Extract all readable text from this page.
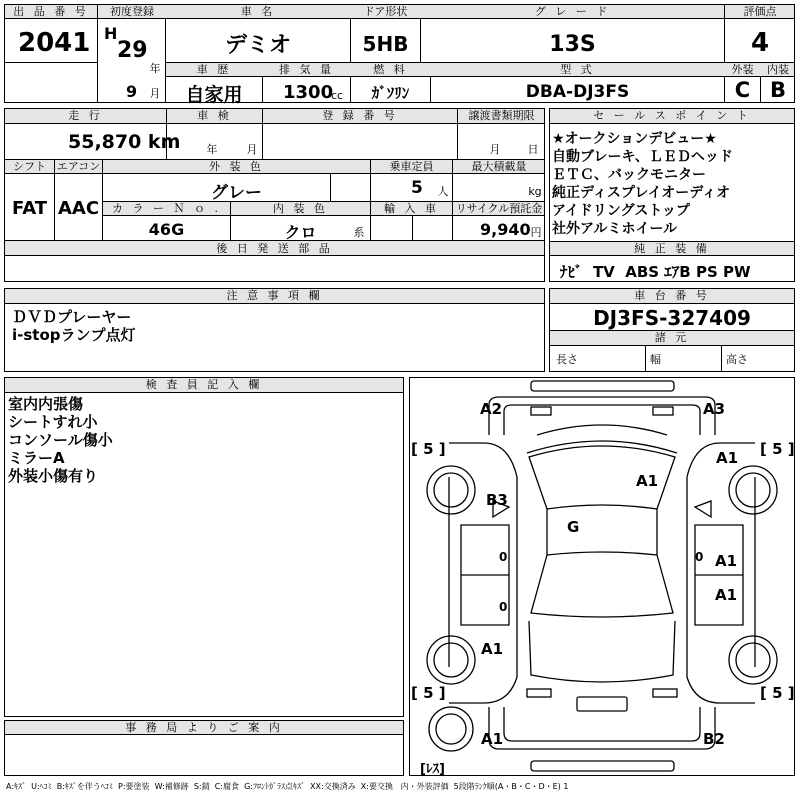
出 品 番 号
2041
初度登録
H
29
年
9 月
車 名
デミオ
ドア形状
5HB
グ レ ー ド
13S
評価点
4
車 歴
自家用
排 気 量
1300
cc
燃 料
ｶﾞｿﾘﾝ
型 式
DBA-DJ3FS
外装	内装
C B
走 行
55,870 km
車 検
年	月
登 録 番 号	譲渡書類期限
月 日
シフト
FAT
エアコン
AAC
外 装 色
グレー
乗車定員
5 人
最大積載量
kg
カ ラ ー Ｎ ｏ .
46G
内 装 色
クロ	系
輸 入 車	リサイクル預託金
9,940 円
後 日 発 送 部 品
セ ー ル ス ポ イ ン ト
★オークションデビュー★
自動ブレーキ、ＬＥＤヘッド
ＥＴＣ、バックモニター
純正ディスプレイオーディオ
アイドリングストップ
社外アルミホイール
純 正 装 備
ﾅﾋﾞ  TV  ABS ｴｱB PS PW
注 意 事 項 欄
ＤＶＤプレーヤー
i-stopランプ点灯
車 台 番 号
DJ3FS-327409
諸 元
長さ	幅	高さ
検 査 員 記 入 欄
室内内張傷
シートすれ小
コンソール傷小
ミラーA
外装小傷有り
事 務 局 よ り ご 案 内
[ 5 ]	[ 5 ]
[ 5 ]	[ 5 ]
[ﾚｽ]
A2	A3
A1
B3
A1
G
0
0
A1
A1
0
A1
A1	B2
A:ｷｽﾞ  U:ﾍｺﾐ  B:ｷｽﾞを伴うﾍｺﾐ  P:要塗装  W:補修跡  S:錆  C:腐食  G:ﾌﾛﾝﾄｶﾞﾗｽ点ｷｽﾞ  XX:交換済み  X:要交換   内・外装評価  5段階ﾗﾝｸ順(A・B・C・D・E) 1
